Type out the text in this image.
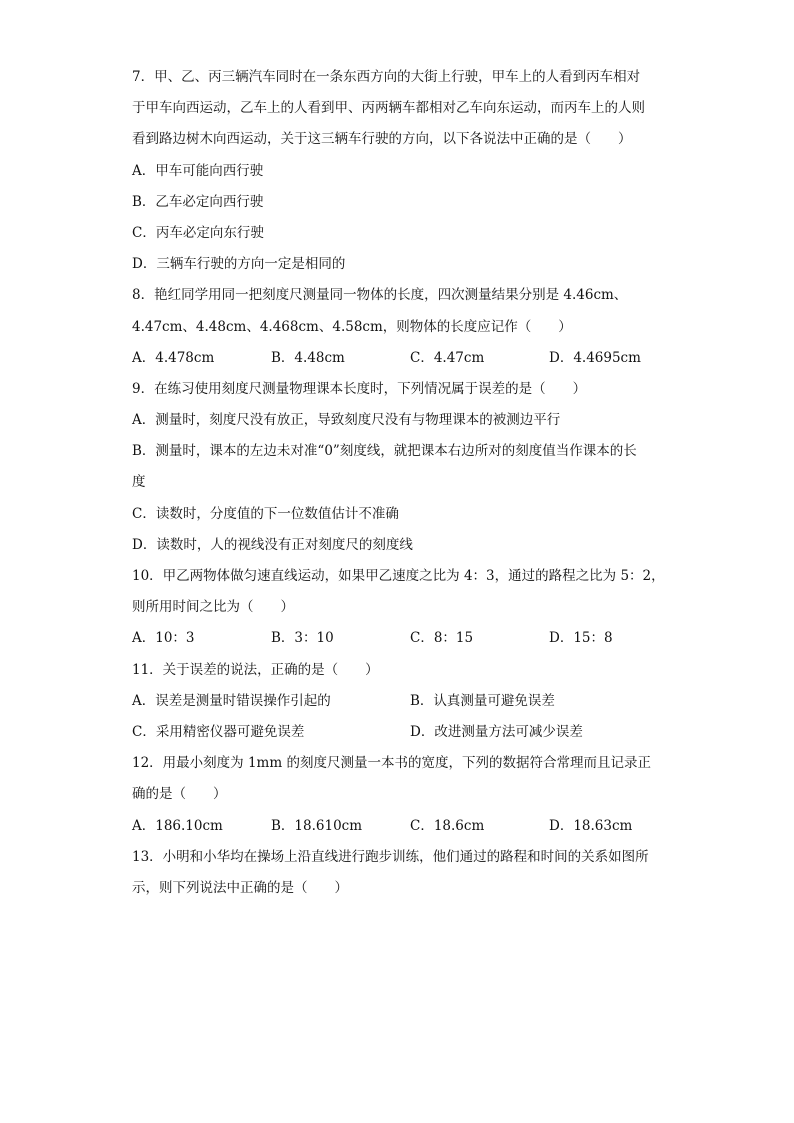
7．甲、乙、丙三辆汽车同时在一条东西方向的大街上行驶，甲车上的人看到丙车相对
于甲车向西运动，乙车上的人看到甲、丙两辆车都相对乙车向东运动，而丙车上的人则
看到路边树木向西运动，关于这三辆车行驶的方向，以下各说法中正确的是（　　）
A．甲车可能向西行驶
B．乙车必定向西行驶
C．丙车必定向东行驶
D．三辆车行驶的方向一定是相同的
8．艳红同学用同一把刻度尺测量同一物体的长度，四次测量结果分别是 4.46cm、
4.47cm、4.48cm、4.468cm、4.58cm，则物体的长度应记作（　　）
A．4.478cm	B．4.48cm	C．4.47cm	D．4.4695cm
9．在练习使用刻度尺测量物理课本长度时，下列情况属于误差的是（　　）
A．测量时，刻度尺没有放正，导致刻度尺没有与物理课本的被测边平行
B．测量时，课本的左边未对准“0”刻度线，就把课本右边所对的刻度值当作课本的长
度
C．读数时，分度值的下一位数值估计不准确
D．读数时，人的视线没有正对刻度尺的刻度线
10．甲乙两物体做匀速直线运动，如果甲乙速度之比为 4：3，通过的路程之比为 5：2，
则所用时间之比为（　　）
A．10：3	B．3：10	C．8：15	D．15：8
11．关于误差的说法，正确的是（　　）
A．误差是测量时错误操作引起的	B．认真测量可避免误差
C．采用精密仪器可避免误差	D．改进测量方法可减少误差
12．用最小刻度为 1mm 的刻度尺测量一本书的宽度，下列的数据符合常理而且记录正
确的是（　　）
A．186.10cm	B．18.610cm	C．18.6cm	D．18.63cm
13．小明和小华均在操场上沿直线进行跑步训练，他们通过的路程和时间的关系如图所
示，则下列说法中正确的是（　　）
